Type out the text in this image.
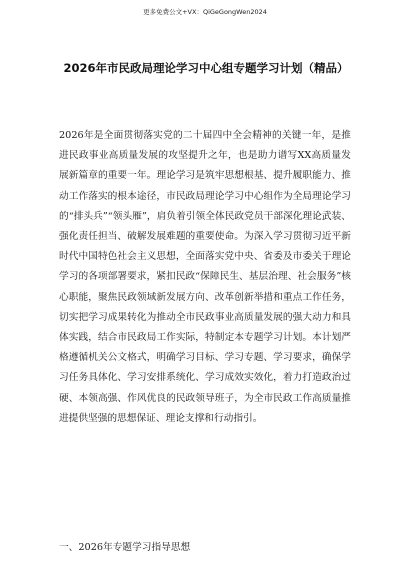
更多免费公文+VX：QiGeGongWen2024
2026年市民政局理论学习中心组专题学习计划（精品）

2026年是全面贯彻落实党的二十届四中全会精神的关键一年，是推进民政事业高质量发展的攻坚提升之年，也是助力谱写XX高质量发展新篇章的重要一年。理论学习是筑牢思想根基、提升履职能力、推动工作落实的根本途径，市民政局理论学习中心组作为全局理论学习的“排头兵”“领头雁”，肩负着引领全体民政党员干部深化理论武装、强化责任担当、破解发展难题的重要使命。为深入学习贯彻习近平新时代中国特色社会主义思想，全面落实党中央、省委及市委关于理论学习的各项部署要求，紧扣民政“保障民生、基层治理、社会服务”核心职能，聚焦民政领域新发展方向、改革创新举措和重点工作任务，切实把学习成果转化为推动全市民政事业高质量发展的强大动力和具体实践，结合市民政局工作实际，特制定本专题学习计划。本计划严格遵循机关公文格式，明确学习目标、学习专题、学习要求，确保学习任务具体化、学习安排系统化、学习成效实效化，着力打造政治过硬、本领高强、作风优良的民政领导班子，为全市民政工作高质量推进提供坚强的思想保证、理论支撑和行动指引。

一、2026年专题学习指导思想
